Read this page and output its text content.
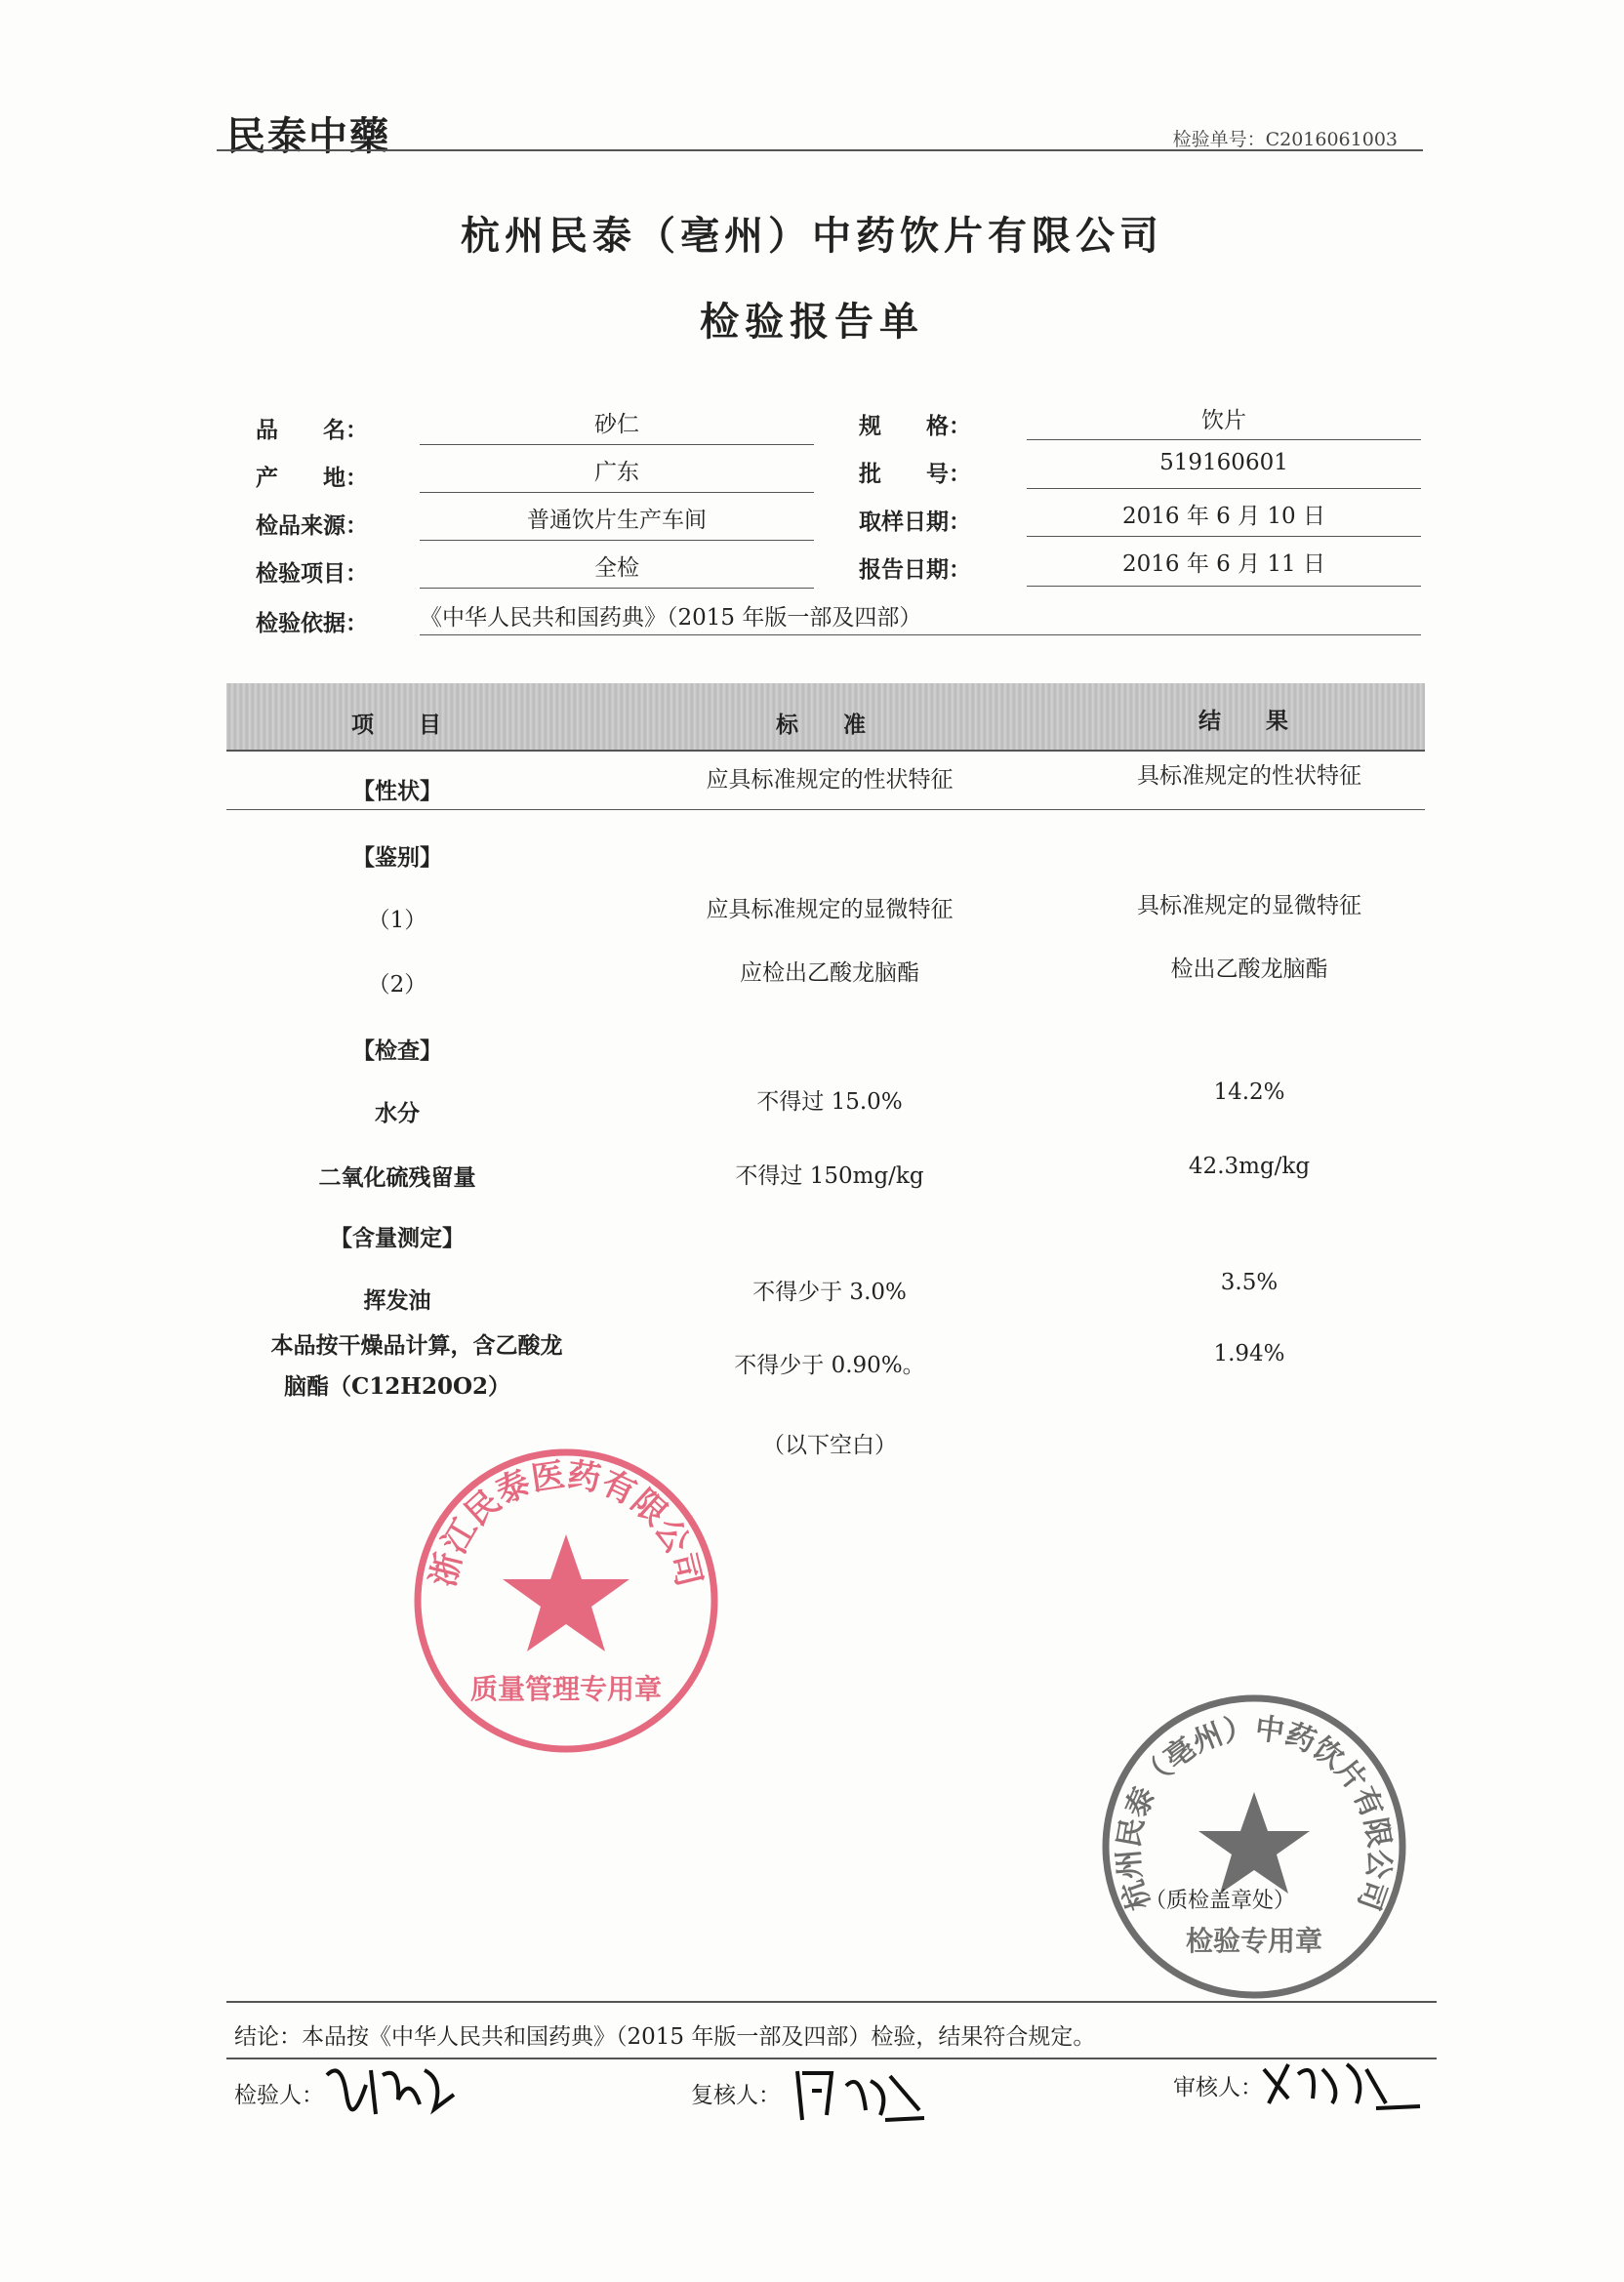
民泰中藥	检验单号：C2016061003
杭州民泰（亳州）中药饮片有限公司
检验报告单
品　　名：	砂仁	规　　格：	饮片
产　　地：	广东	批　　号：	519160601
检品来源：	普通饮片生产车间	取样日期：	2016 年 6 月 10 日
检验项目：	全检	报告日期：	2016 年 6 月 11 日
检验依据： 《中华人民共和国药典》（2015 年版一部及四部）
项　　目	标　　准	结　　果
【性状】	应具标准规定的性状特征	具标准规定的性状特征
【鉴别】
（1）	应具标准规定的显微特征	具标准规定的显微特征
（2）	应检出乙酸龙脑酯	检出乙酸龙脑酯
【检查】
水分	不得过 15.0%	14.2%
二氧化硫残留量	不得过 150mg/kg	42.3mg/kg
【含量测定】
挥发油	不得少于 3.0%	3.5%
本品按干燥品计算，含乙酸龙
脑酯（C12H20O2）
不得少于 0.90%。	1.94%
（以下空白）
浙江民泰医药有限公司
质量管理专用章
杭州民泰（亳州）中药饮片有限公司
检验专用章
（质检盖章处）
结论：本品按《中华人民共和国药典》（2015 年版一部及四部）检验，结果符合规定。
检验人：	复核人：	审核人：
